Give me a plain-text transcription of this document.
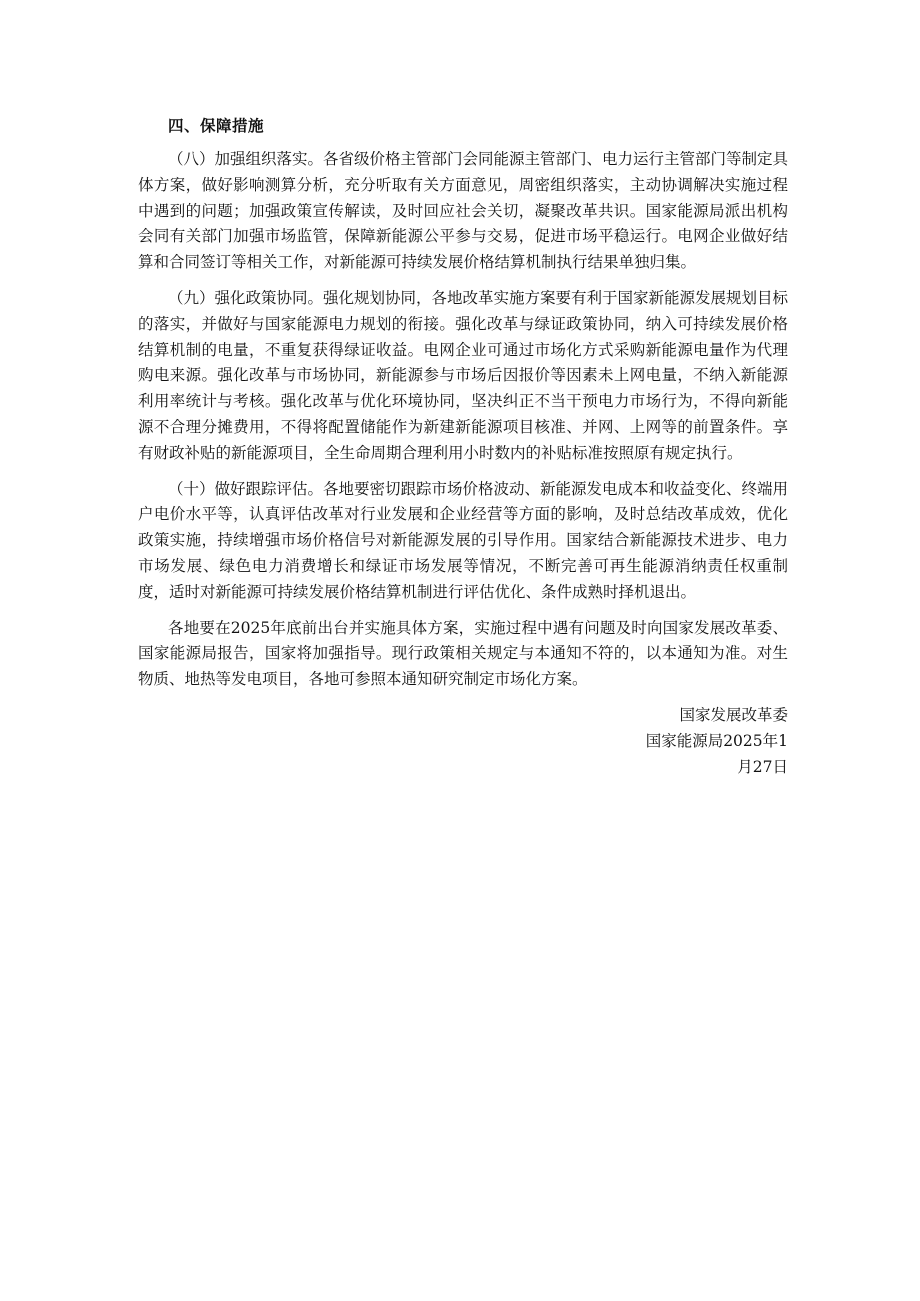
四、保障措施

（八）加强组织落实。各省级价格主管部门会同能源主管部门、电力运行主管部门等制定具体方案，做好影响测算分析，充分听取有关方面意见，周密组织落实，主动协调解决实施过程中遇到的问题；加强政策宣传解读，及时回应社会关切，凝聚改革共识。国家能源局派出机构会同有关部门加强市场监管，保障新能源公平参与交易，促进市场平稳运行。电网企业做好结算和合同签订等相关工作，对新能源可持续发展价格结算机制执行结果单独归集。

（九）强化政策协同。强化规划协同，各地改革实施方案要有利于国家新能源发展规划目标的落实，并做好与国家能源电力规划的衔接。强化改革与绿证政策协同，纳入可持续发展价格结算机制的电量，不重复获得绿证收益。电网企业可通过市场化方式采购新能源电量作为代理购电来源。强化改革与市场协同，新能源参与市场后因报价等因素未上网电量，不纳入新能源利用率统计与考核。强化改革与优化环境协同，坚决纠正不当干预电力市场行为，不得向新能源不合理分摊费用，不得将配置储能作为新建新能源项目核准、并网、上网等的前置条件。享有财政补贴的新能源项目，全生命周期合理利用小时数内的补贴标准按照原有规定执行。

（十）做好跟踪评估。各地要密切跟踪市场价格波动、新能源发电成本和收益变化、终端用户电价水平等，认真评估改革对行业发展和企业经营等方面的影响，及时总结改革成效，优化政策实施，持续增强市场价格信号对新能源发展的引导作用。国家结合新能源技术进步、电力市场发展、绿色电力消费增长和绿证市场发展等情况，不断完善可再生能源消纳责任权重制度，适时对新能源可持续发展价格结算机制进行评估优化、条件成熟时择机退出。

各地要在2025年底前出台并实施具体方案，实施过程中遇有问题及时向国家发展改革委、国家能源局报告，国家将加强指导。现行政策相关规定与本通知不符的，以本通知为准。对生物质、地热等发电项目，各地可参照本通知研究制定市场化方案。

国家发展改革委
国家能源局2025年1月27日
